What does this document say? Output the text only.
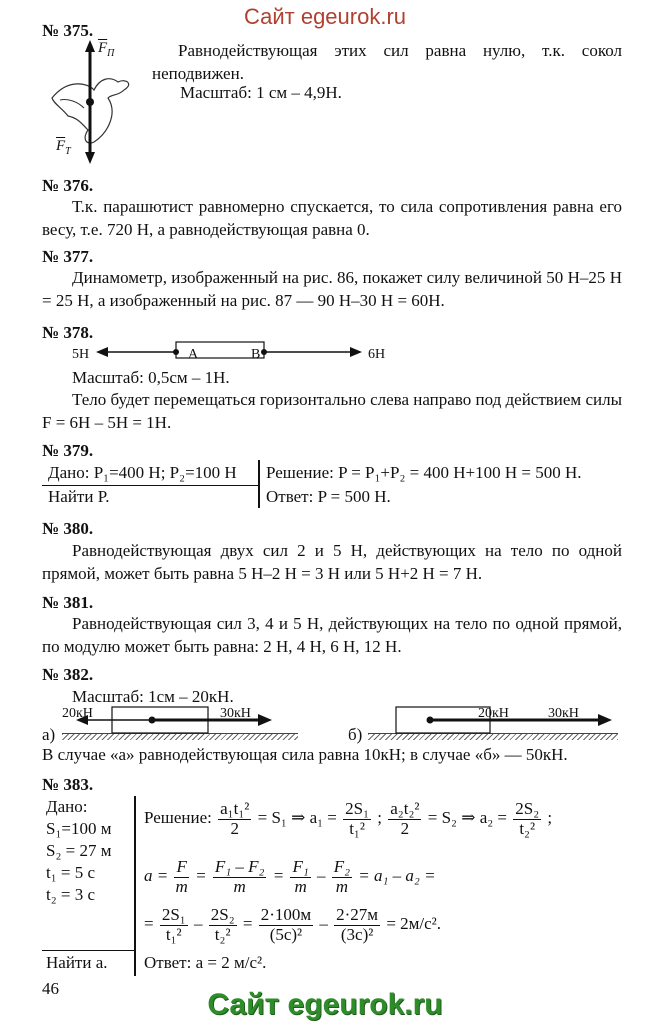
Сайт egeurok.ru
№ 375.
$\overline{F}_П$
$\overline{F}_Т$
Равнодействующая этих сил равна нулю, т.к. сокол неподвижен.
Масштаб: 1 см – 4,9Н.
№ 376.
Т.к. парашютист равномерно спускается, то сила сопротивления равна его весу, т.е. 720 Н, а равнодействующая равна 0.
№ 377.
Динамометр, изображенный на рис. 86, покажет силу величиной 50 Н–25 Н = 25 Н, а изображенный на рис. 87 — 90 Н–30 Н = 60Н.
№ 378.
5Н	А	В	6Н
Масштаб: 0,5см – 1Н.
Тело будет перемещаться горизонтально слева направо под действием силы F = 6Н – 5Н = 1Н.
№ 379.
Дано: P₁=400 Н; P₂=100 Н
Найти P.
Решение: P = P₁+P₂ = 400 Н+100 Н = 500 Н.
Ответ: P = 500 Н.
№ 380.
Равнодействующая двух сил 2 и 5 Н, действующих на тело по одной прямой, может быть равна 5 Н–2 Н = 3 Н или 5 Н+2 Н = 7 Н.
№ 381.
Равнодействующая сил 3, 4 и 5 Н, действующих на тело по одной прямой, по модулю может быть равна: 2 Н, 4 Н, 6 Н, 12 Н.
№ 382.
Масштаб: 1см – 20кН.
а)
20кН	30кН
б)
20кН	30кН
В случае «а» равнодействующая сила равна 10кН; в случае «б» — 50кН.
№ 383.
Дано:
S₁=100 м
S₂ = 27 м
t₁ = 5 с
t₂ = 3 с
Найти a.
Решение: $\frac{\text{a₁t₁²}}{2} = S_1$ ⇒ $a_1 = \frac{\text{2S₁}}{\text{t₁²}}$ ; $\frac{\text{a₂t₂²}}{2} = S_2$ ⇒ $a_2 = \frac{\text{2S₂}}{\text{t₂²}}$ ;
$a = \frac{F}{m} = \frac{\text{F₁ – F₂}}{m} = \frac{\text{F₁}}{m} - \frac{\text{F₂}}{m} = a_1 - a_2$ =
= $\frac{\text{2S₁}}{\text{t₁²}} - \frac{\text{2S₂}}{\text{t₂²}} = \frac{2\cdot 100м}{\text{(5с)²}} - \frac{2\cdot 27м}{\text{(3с)²}} = 2м/с^2$.
Ответ: a = 2 м/с².
46	Сайт egeurok.ru
